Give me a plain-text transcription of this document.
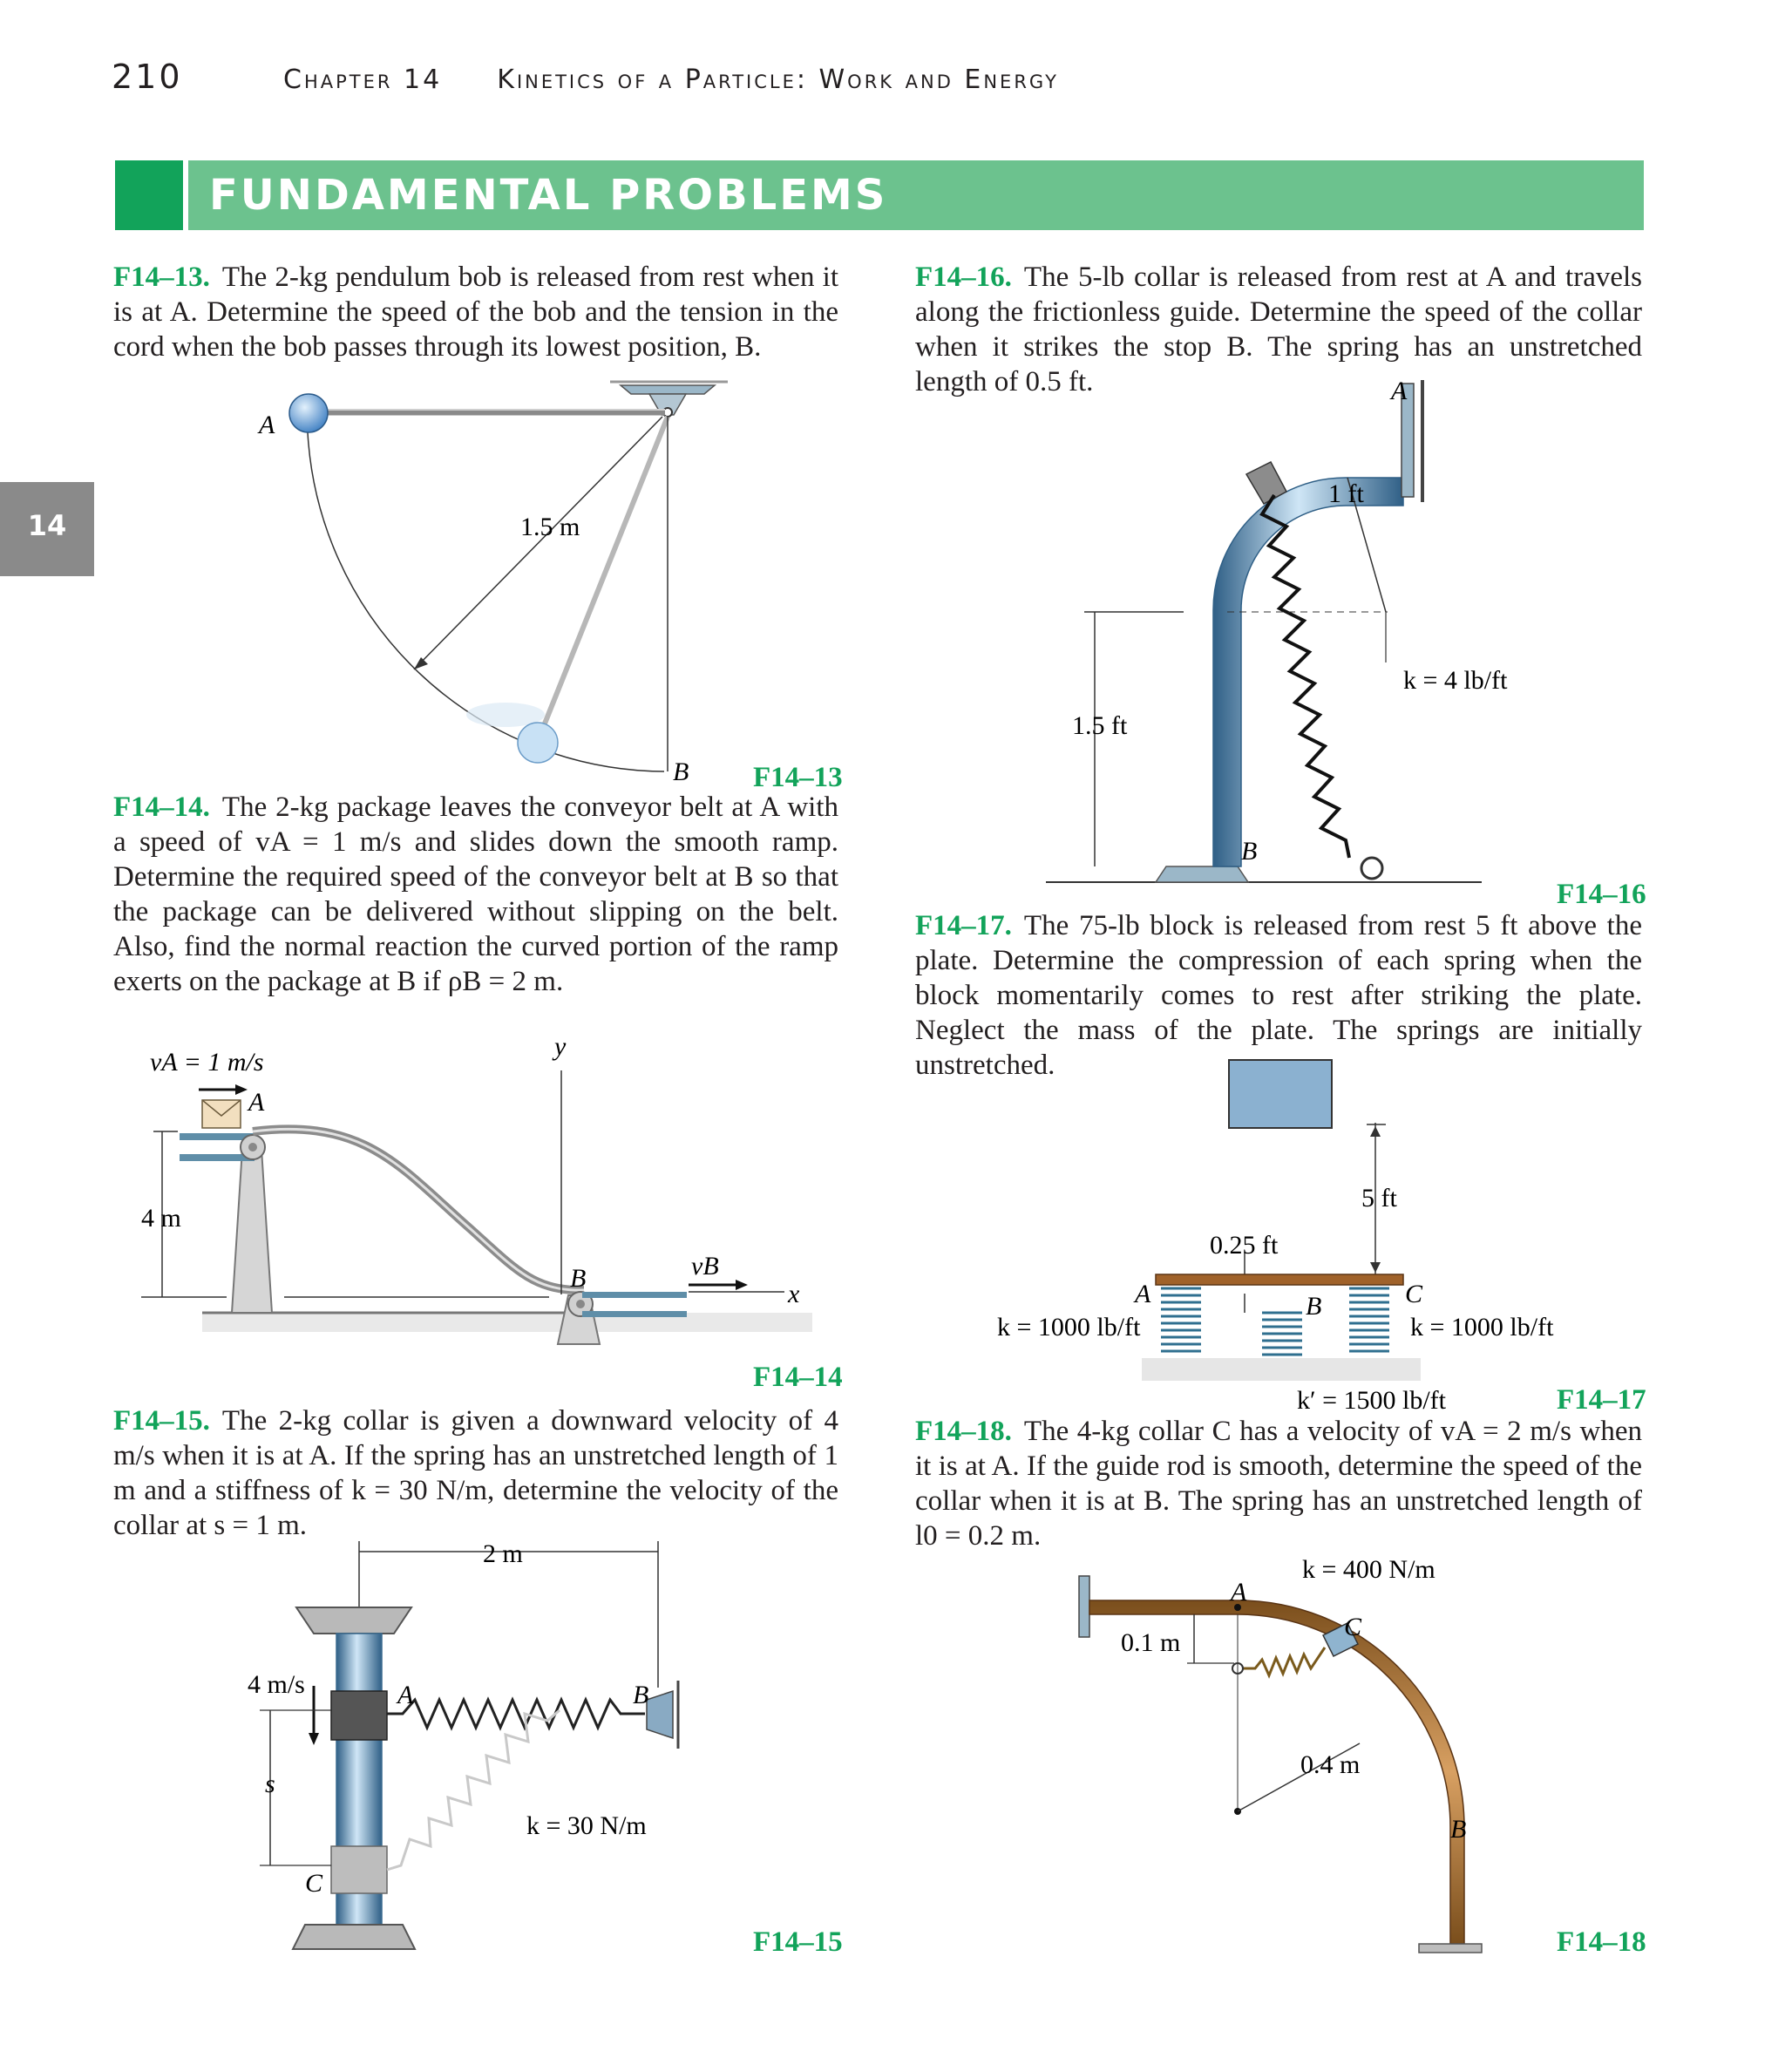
210	Chapter 14 Kinetics of a Particle: Work and Energy
FUNDAMENTAL PROBLEMS
14
F14–13. The 2-kg pendulum bob is released from rest when it is at A. Determine the speed of the bob and the tension in the cord when the bob passes through its lowest position, B.
F14–14. The 2-kg package leaves the conveyor belt at A with a speed of vA = 1 m/s and slides down the smooth ramp. Determine the required speed of the conveyor belt at B so that the package can be delivered without slipping on the belt. Also, find the normal reaction the curved portion of the ramp exerts on the package at B if ρB = 2 m.
F14–15. The 2-kg collar is given a downward velocity of 4 m/s when it is at A. If the spring has an unstretched length of 1 m and a stiffness of k = 30 N/m, determine the velocity of the collar at s = 1 m.
F14–16. The 5-lb collar is released from rest at A and travels along the frictionless guide. Determine the speed of the collar when it strikes the stop B. The spring has an unstretched length of 0.5 ft.
F14–17. The 75-lb block is released from rest 5 ft above the plate. Determine the compression of each spring when the block momentarily comes to rest after striking the plate. Neglect the mass of the plate. The springs are initially unstretched.
F14–18. The 4-kg collar C has a velocity of vA = 2 m/s when it is at A. If the guide rod is smooth, determine the speed of the collar when it is at B. The spring has an unstretched length of l0 = 0.2 m.
A
1.5 m
B F14–13
vA = 1 m/s
A
y
4 m
B	vB
x
F14–14
2 m
4 m/s	A	B
s
C
k = 30 N/m
F14–15
A
1 ft
k = 4 lb/ft
1.5 ft
B
F14–16
5 ft
0.25 ft
A	B	C
k = 1000 lb/ft	k = 1000 lb/ft
k′ = 1500 lb/ft	F14–17
k = 400 N/m
A
C
0.1 m
0.4 m
B
F14–18
